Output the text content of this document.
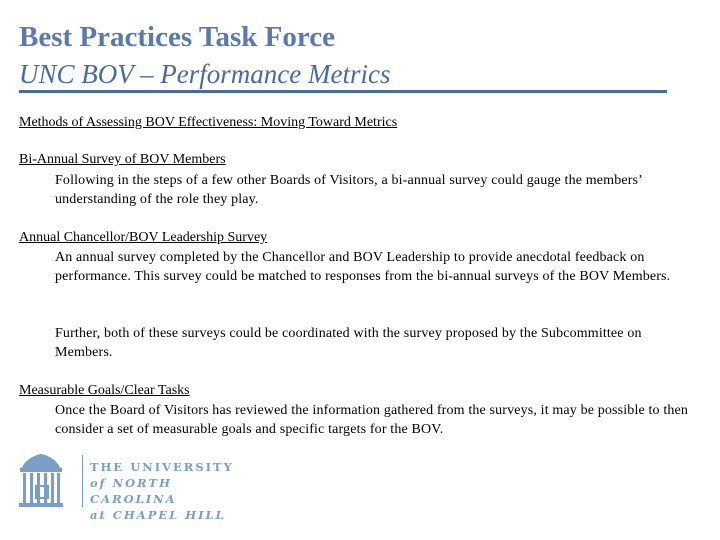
Best Practices Task Force
UNC BOV – Performance Metrics
Methods of Assessing BOV Effectiveness: Moving Toward Metrics
Bi-Annual Survey of BOV Members
Following in the steps of a few other Boards of Visitors, a bi-annual survey could gauge the members’ understanding of the role they play.
Annual Chancellor/BOV Leadership Survey
An annual survey completed by the Chancellor and BOV Leadership to provide anecdotal feedback on performance. This survey could be matched to responses from the bi-annual surveys of the BOV Members.
Further, both of these surveys could be coordinated with the survey proposed by the Subcommittee on Members.
Measurable Goals/Clear Tasks
Once the Board of Visitors has reviewed the information gathered from the surveys, it may be possible to then consider a set of measurable goals and specific targets for the BOV.
THE UNIVERSITY
of NORTH CAROLINA
at CHAPEL HILL
